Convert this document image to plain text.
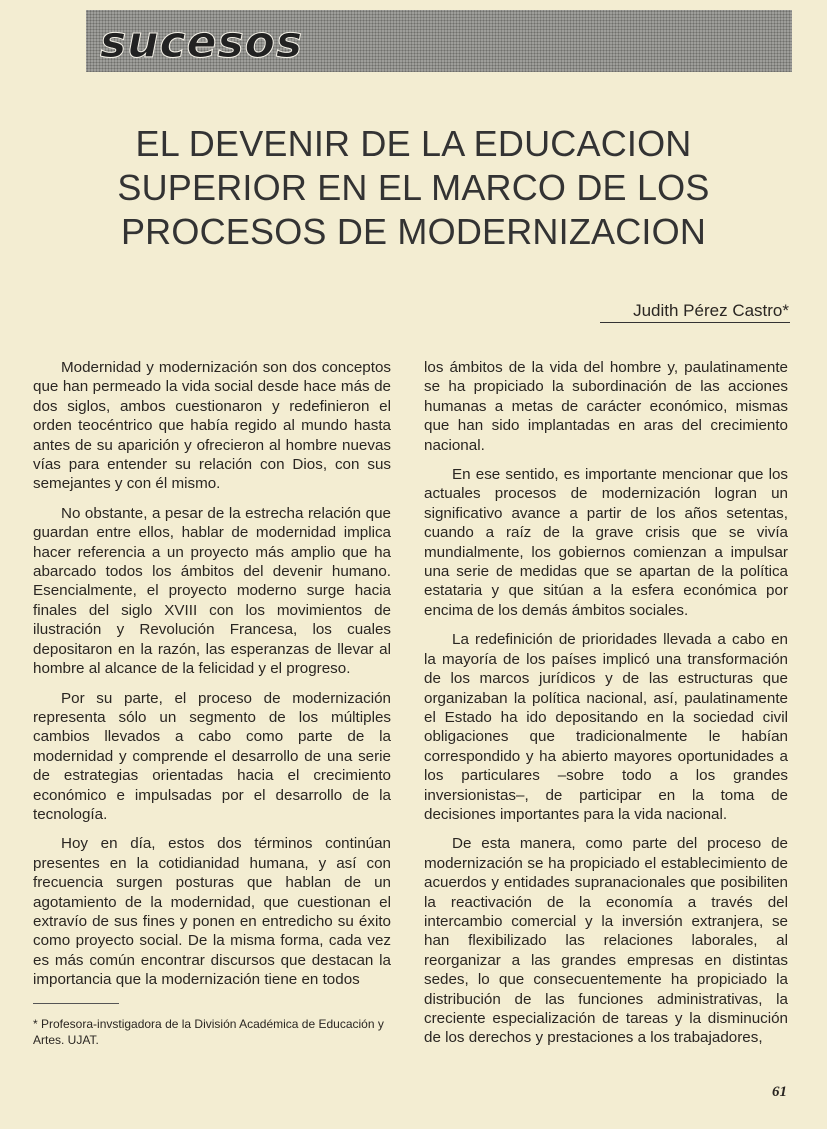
sucesos
EL DEVENIR DE LA EDUCACION
SUPERIOR EN EL MARCO DE LOS
PROCESOS DE MODERNIZACION
Judith Pérez Castro*

Modernidad y modernización son dos conceptos que han permeado la vida social desde hace más de dos siglos, ambos cuestionaron y redefinieron el orden teocéntrico que había regido al mundo hasta antes de su aparición y ofrecieron al hombre nuevas vías para entender su relación con Dios, con sus semejantes y con él mismo.

No obstante, a pesar de la estrecha relación que guardan entre ellos, hablar de modernidad implica hacer referencia a un proyecto más amplio que ha abarcado todos los ámbitos del devenir humano. Esencialmente, el proyecto moderno surge hacia finales del siglo XVIII con los movimientos de ilustración y Revolución Francesa, los cuales depositaron en la razón, las esperanzas de llevar al hombre al alcance de la felicidad y el progreso.

Por su parte, el proceso de modernización representa sólo un segmento de los múltiples cambios llevados a cabo como parte de la modernidad y comprende el desarrollo de una serie de estrategias orientadas hacia el crecimiento económico e impulsadas por el desarrollo de la tecnología.

Hoy en día, estos dos términos continúan presentes en la cotidianidad humana, y así con frecuencia surgen posturas que hablan de un agotamiento de la modernidad, que cuestionan el extravío de sus fines y ponen en entredicho su éxito como proyecto social. De la misma forma, cada vez es más común encontrar discursos que destacan la importancia que la modernización tiene en todos

los ámbitos de la vida del hombre y, paulatinamente se ha propiciado la subordinación de las acciones humanas a metas de carácter económico, mismas que han sido implantadas en aras del crecimiento nacional.

En ese sentido, es importante mencionar que los actuales procesos de modernización logran un significativo avance a partir de los años setentas, cuando a raíz de la grave crisis que se vivía mundialmente, los gobiernos comienzan a impulsar una serie de medidas que se apartan de la política estataria y que sitúan a la esfera económica por encima de los demás ámbitos sociales.

La redefinición de prioridades llevada a cabo en la mayoría de los países implicó una transformación de los marcos jurídicos y de las estructuras que organizaban la política nacional, así, paulatinamente el Estado ha ido depositando en la sociedad civil obligaciones que tradicionalmente le habían correspondido y ha abierto mayores oportunidades a los particulares –sobre todo a los grandes inversionistas–, de participar en la toma de decisiones importantes para la vida nacional.

De esta manera, como parte del proceso de modernización se ha propiciado el establecimiento de acuerdos y entidades supranacionales que posibiliten la reactivación de la economía a través del intercambio comercial y la inversión extranjera, se han flexibilizado las relaciones laborales, al reorganizar a las grandes empresas en distintas sedes, lo que consecuentemente ha propiciado la distribución de las funciones administrativas, la creciente especialización de tareas y la disminución de los derechos y prestaciones a los trabajadores,

* Profesora-invstigadora de la División Académica de Educación y Artes. UJAT.
61
